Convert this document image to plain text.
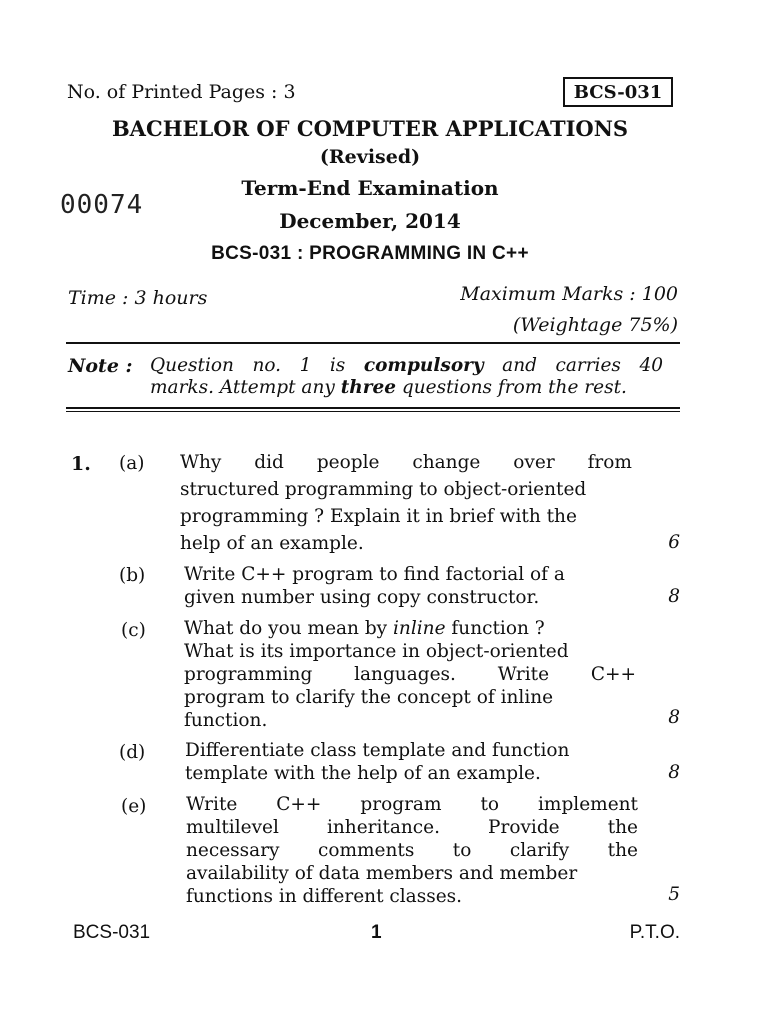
No. of Printed Pages : 3	BCS-031
BACHELOR OF COMPUTER APPLICATIONS
(Revised)
00074
Term-End Examination
December, 2014
BCS-031 : PROGRAMMING IN C++
Time : 3 hours	Maximum Marks : 100
(Weightage 75%)
Note : Question no. 1 is compulsory and carries 40
marks. Attempt any three questions from the rest.
1. (a) Why did people change over from
structured programming to object-oriented
programming ? Explain it in brief with the
help of an example.	6
(b) Write C++ program to find factorial of a
given number using copy constructor.	8
(c) What do you mean by inline function ?
What is its importance in object-oriented
programming languages. Write C++
program to clarify the concept of inline
function.	8
(d) Differentiate class template and function
template with the help of an example.	8
(e) Write C++ program to implement
multilevel	inheritance.	Provide	the
necessary comments to clarify the
availability of data members and member
functions in different classes.	5
BCS-031	1	P.T.O.
